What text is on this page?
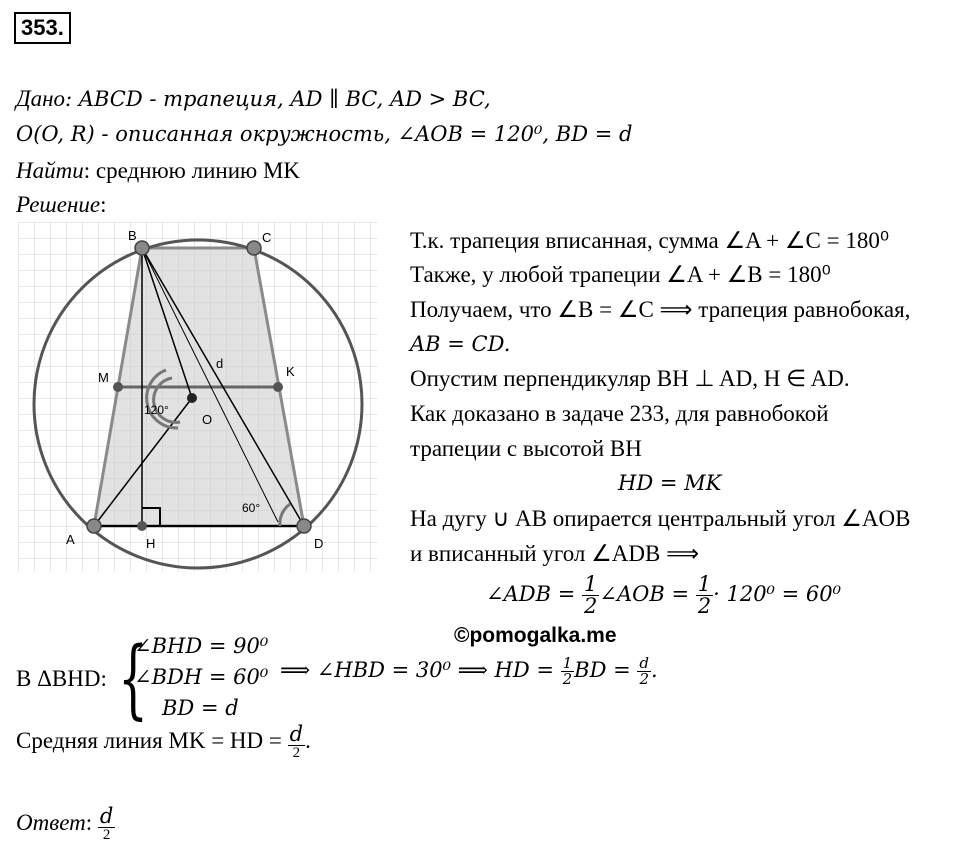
353.
Дано: ABCD - трапеция, AD ∥ BC, AD > BC,
O(O, R) - описанная окружность, ∠AOB = 120⁰, BD = d
Найти: среднюю линию MK
Решение:
B	C
M	K
O
A	H	D
d
120°
60°
Т.к. трапеция вписанная, сумма ∠A + ∠C = 180⁰
Также, у любой трапеции ∠A + ∠B = 180⁰
Получаем, что ∠B = ∠C ⟹ трапеция равнобокая,
AB = CD.
Опустим перпендикуляр BH ⊥ AD, H ∈ AD.
Как доказано в задаче 233, для равнобокой
трапеции с высотой BH
HD = MK
На дугу ∪ AB опирается центральный угол ∠AOB
и вписанный угол ∠ADB ⟹
∠ADB = $\frac{1}{2}$ ∠AOB = $\frac{1}{2} \cdot 120^0 = 60^0$
©pomogalka.me
В ΔBHD: {
∠BHD = 90⁰
∠BDH = 60⁰
BD = d
⟹ ∠HBD = 30⁰ ⟹ HD = $\frac{1}{2}$ BD = $\frac{d}{2}$ .
Средняя линия MK = HD = $\frac{d}{2}$ .
Ответ: $\frac{d}{2}$
